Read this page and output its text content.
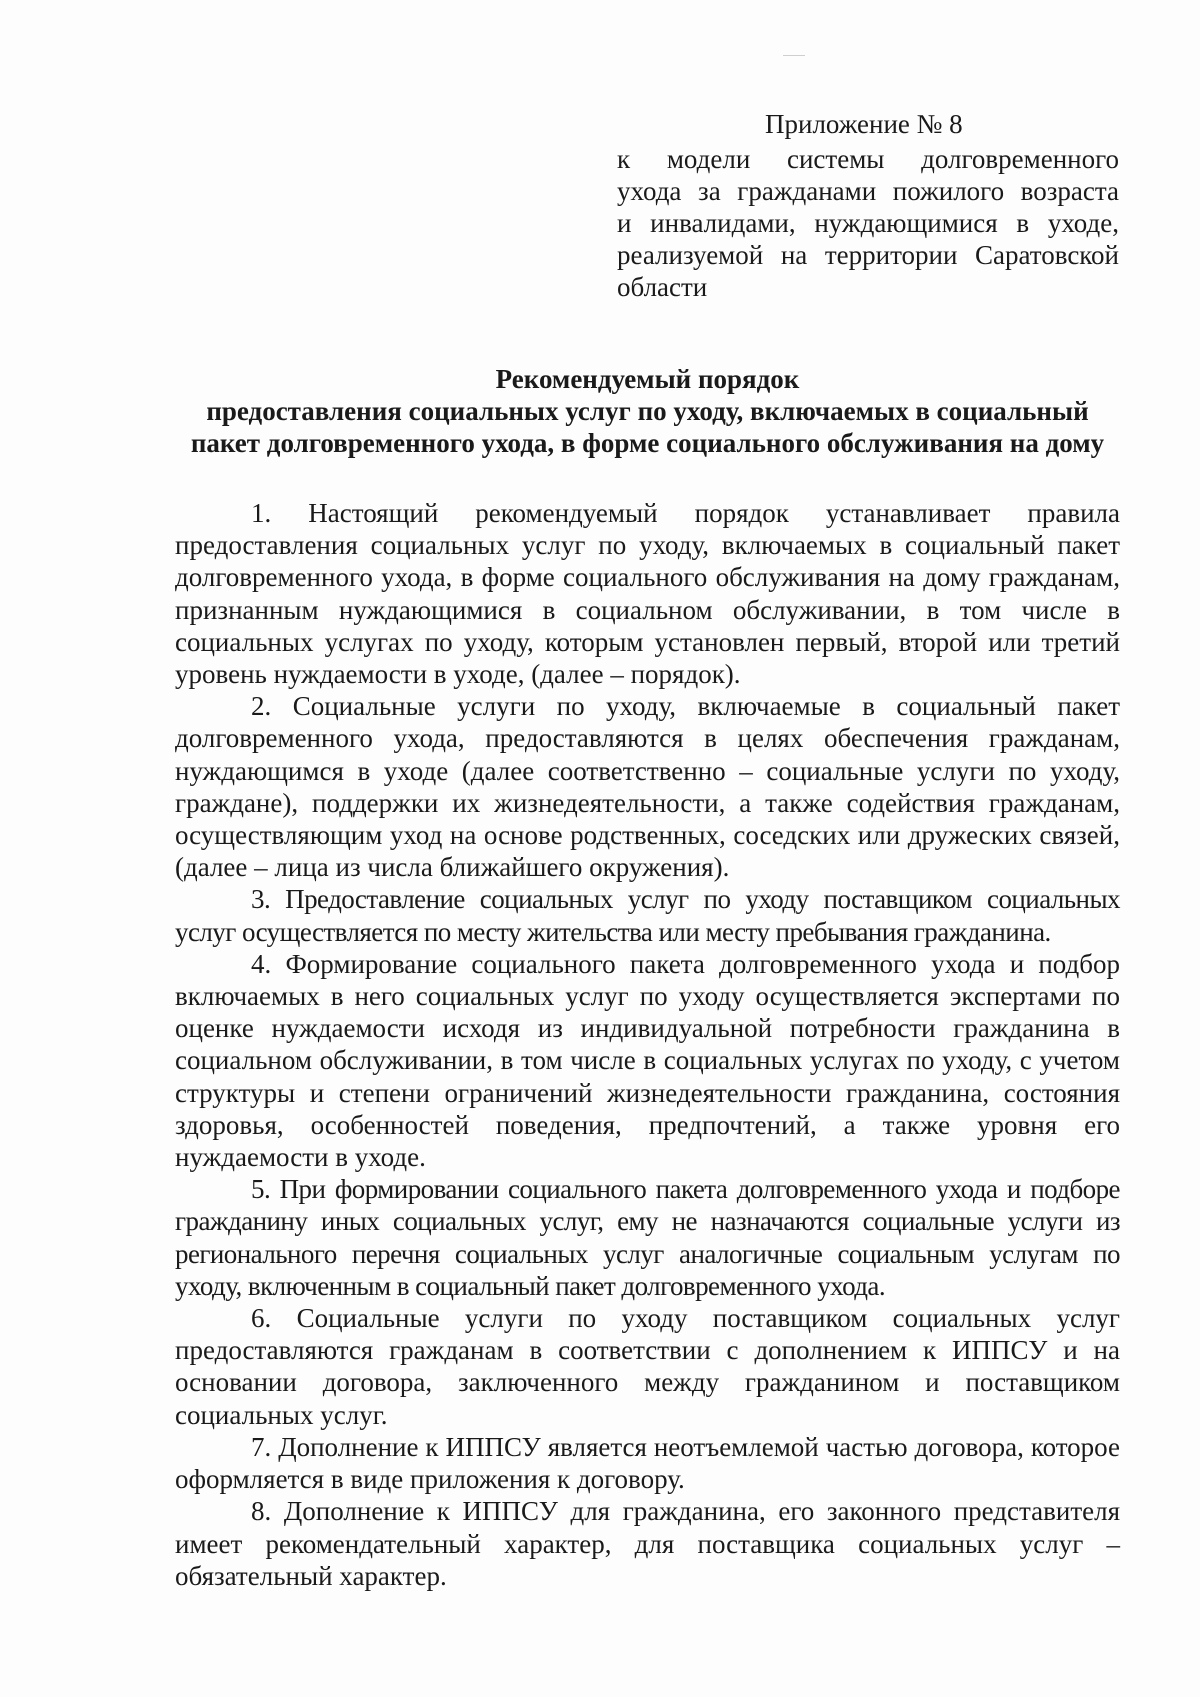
Приложение № 8
к модели системы долговременного
ухода за гражданами пожилого возраста
и инвалидами, нуждающимися в уходе,
реализуемой на территории Саратовской
области
Рекомендуемый порядок
предоставления социальных услуг по уходу, включаемых в социальный
пакет долговременного ухода, в форме социального обслуживания на дому

1. Настоящий рекомендуемый порядок устанавливает правила предоставления социальных услуг по уходу, включаемых в социальный пакет долговременного ухода, в форме социального обслуживания на дому гражданам, признанным нуждающимися в социальном обслуживании, в том числе в социальных услугах по уходу, которым установлен первый, второй или третий уровень нуждаемости в уходе, (далее – порядок).

2. Социальные услуги по уходу, включаемые в социальный пакет долговременного ухода, предоставляются в целях обеспечения гражданам, нуждающимся в уходе (далее соответственно – социальные услуги по уходу, граждане), поддержки их жизнедеятельности, а также содействия гражданам, осуществляющим уход на основе родственных, соседских или дружеских связей, (далее – лица из числа ближайшего окружения).

3. Предоставление социальных услуг по уходу поставщиком социальных услуг осуществляется по месту жительства или месту пребывания гражданина.

4. Формирование социального пакета долговременного ухода и подбор включаемых в него социальных услуг по уходу осуществляется экспертами по оценке нуждаемости исходя из индивидуальной потребности гражданина в социальном обслуживании, в том числе в социальных услугах по уходу, с учетом структуры и степени ограничений жизнедеятельности гражданина, состояния здоровья, особенностей поведения, предпочтений, а также уровня его нуждаемости в уходе.

5. При формировании социального пакета долговременного ухода и подборе гражданину иных социальных услуг, ему не назначаются социальные услуги из регионального перечня социальных услуг аналогичные социальным услугам по уходу, включенным в социальный пакет долговременного ухода.

6. Социальные услуги по уходу поставщиком социальных услуг предоставляются гражданам в соответствии с дополнением к ИППСУ и на основании договора, заключенного между гражданином и поставщиком социальных услуг.

7. Дополнение к ИППСУ является неотъемлемой частью договора, которое оформляется в виде приложения к договору.

8. Дополнение к ИППСУ для гражданина, его законного представителя имеет рекомендательный характер, для поставщика социальных услуг – обязательный характер.
